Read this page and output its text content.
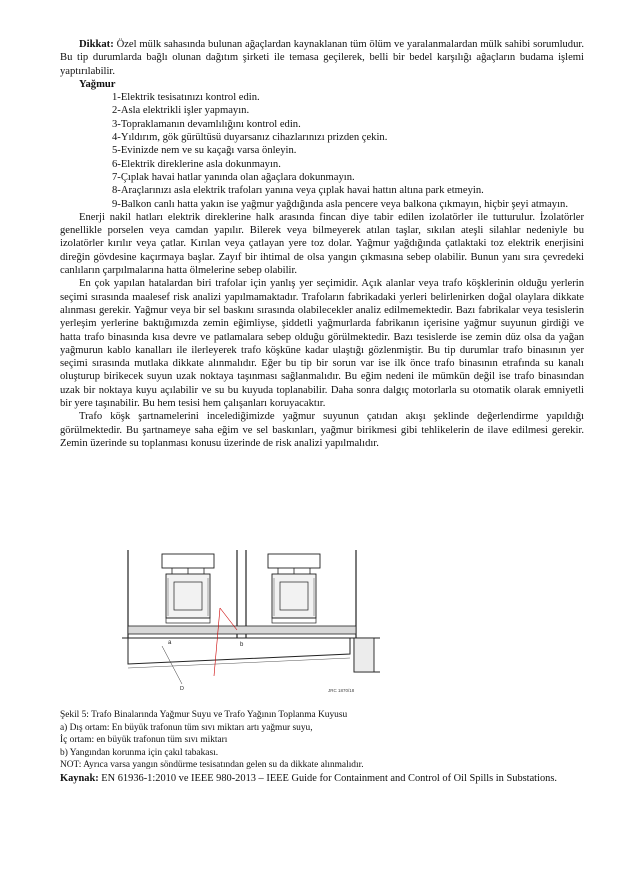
Dikkat: Özel mülk sahasında bulunan ağaçlardan kaynaklanan tüm ölüm ve yaralanmalardan mülk sahibi sorumludur. Bu tip durumlarda bağlı olunan dağıtım şirketi ile temasa geçilerek, belli bir bedel karşılığı ağaçların budama işlemi yaptırılabilir.

Yağmur

1-Elektrik tesisatınızı kontrol edin.
2-Asla elektrikli işler yapmayın.
3-Topraklamanın devamlılığını kontrol edin.
4-Yıldırım, gök gürültüsü duyarsanız cihazlarınızı prizden çekin.
5-Evinizde nem ve su kaçağı varsa önleyin.
6-Elektrik direklerine asla dokunmayın.
7-Çıplak havai hatlar yanında olan ağaçlara dokunmayın.
8-Araçlarınızı asla elektrik trafoları yanına veya çıplak havai hattın altına park etmeyin.
9-Balkon canlı hatta yakın ise yağmur yağdığında asla pencere veya balkona çıkmayın, hiçbir şeyi atmayın.

Enerji nakil hatları elektrik direklerine halk arasında fincan diye tabir edilen izolatörler ile tutturulur. İzolatörler genellikle porselen veya camdan yapılır. Bilerek veya bilmeyerek atılan taşlar, sıkılan ateşli silahlar nedeniyle bu izolatörler kırılır veya çatlar. Kırılan veya çatlayan yere toz dolar. Yağmur yağdığında çatlaktaki toz elektrik enerjisini direğin gövdesine kaçırmaya başlar. Zayıf bir ihtimal de olsa yangın çıkmasına sebep olabilir. Bunun yanı sıra çevredeki canlıların çarpılmalarına hatta ölmelerine sebep olabilir.

En çok yapılan hatalardan biri trafolar için yanlış yer seçimidir. Açık alanlar veya trafo köşklerinin olduğu yerlerin seçimi sırasında maalesef risk analizi yapılmamaktadır. Trafoların fabrikadaki yerleri belirlenirken doğal olaylara dikkate alınması gerekir. Yağmur veya bir sel baskını sırasında olabilecekler analiz edilmemektedir. Bazı fabrikalar veya tesislerin yerleşim yerlerine baktığımızda zemin eğimliyse, şiddetli yağmurlarda fabrikanın içerisine yağmur suyunun girdiği ve hatta trafo binasında kısa devre ve patlamalara sebep olduğu görülmektedir. Bazı tesislerde ise zemin düz olsa da yağan yağmurun kablo kanalları ile ilerleyerek trafo köşküne kadar ulaştığı gözlenmiştir. Bu tip durumlar trafo binasının yer seçimi sırasında mutlaka dikkate alınmalıdır. Eğer bu tip bir sorun var ise ilk önce trafo binasının etrafında su kanalı oluşturup birikecek suyun uzak noktaya taşınması sağlanmalıdır. Bu eğim nedeni ile mümkün değil ise trafo binasından uzak bir noktaya kuyu açılabilir ve su bu kuyuda toplanabilir. Daha sonra dalgıç motorlarla su otomatik olarak emniyetli bir yere taşınabilir. Bu hem tesisi hem çalışanları koruyacaktır.

Trafo köşk şartnamelerini incelediğimizde yağmur suyunun çatıdan akışı şeklinde değerlendirme yapıldığı görülmektedir. Bu şartnameye saha eğim ve sel baskınları, yağmur birikmesi gibi tehlikelerin de ilave edilmesi gerekir. Zemin üzerinde su toplanması konusu üzerinde de risk analizi yapılmalıdır.

a	b
D	JRC 1870/18

Şekil 5: Trafo Binalarında Yağmur Suyu ve Trafo Yağının Toplanma Kuyusu

a) Dış ortam: En büyük trafonun tüm sıvı miktarı artı yağmur suyu,

İç ortam: en büyük trafonun tüm sıvı miktarı

b) Yangından korunma için çakıl tabakası.

NOT: Ayrıca varsa yangın söndürme tesisatından gelen su da dikkate alınmalıdır.

Kaynak: EN 61936-1:2010 ve IEEE 980-2013 – IEEE Guide for Containment and Control of Oil Spills in Substations.
